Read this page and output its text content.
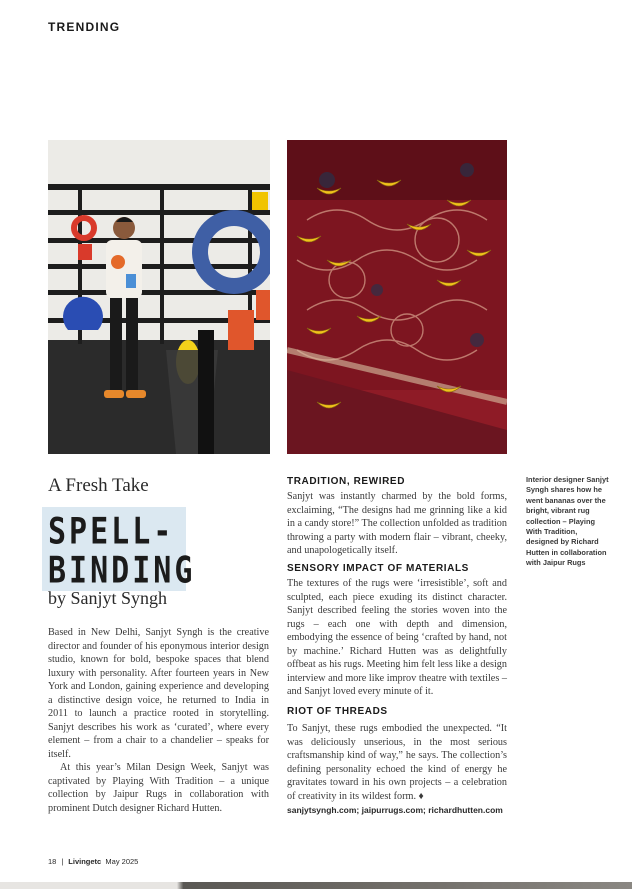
TRENDING
A Fresh Take
SPELL-
BINDING
by Sanjyt Syngh

Based in New Delhi, Sanjyt Syngh is the creative director and founder of his eponymous interior design studio, known for bold, bespoke spaces that blend luxury with personality. After fourteen years in New York and London, gaining experience and developing a distinctive design voice, he returned to India in 2011 to launch a practice rooted in storytelling. Sanjyt describes his work as ‘curated’, where every element – from a chair to a chandelier – speaks for itself.

At this year’s Milan Design Week, Sanjyt was captivated by Playing With Tradition – a unique collection by Jaipur Rugs in collaboration with prominent Dutch designer Richard Hutten.

TRADITION, REWIRED
Sanjyt was instantly charmed by the bold forms, exclaiming, “The designs had me grinning like a kid in a candy store!” The collection unfolded as tradition throwing a party with modern flair – vibrant, cheeky, and unapologetically itself.
SENSORY IMPACT OF MATERIALS
The textures of the rugs were ‘irresistible’, soft and sculpted, each piece exuding its distinct character. Sanjyt described feeling the stories woven into the rugs – each one with depth and dimension, embodying the essence of being ‘crafted by hand, not by machine.’ Richard Hutten was as delightfully offbeat as his rugs. Meeting him felt less like a design interview and more like improv theatre with textiles – and Sanjyt loved every minute of it.
RIOT OF THREADS
To Sanjyt, these rugs embodied the unexpected. “It was deliciously unserious, in the most serious craftsmanship kind of way,” he says. The collection’s defining personality echoed the kind of energy he gravitates toward in his own projects – a celebration of creativity in its wildest form. ♦
sanjytsyngh.com; jaipurrugs.com; richardhutten.com

Interior designer Sanjyt Syngh shares how he went bananas over the bright, vibrant rug collection – Playing With Tradition, designed by Richard Hutten in collaboration with Jaipur Rugs

18 | Livingetc May 2025
